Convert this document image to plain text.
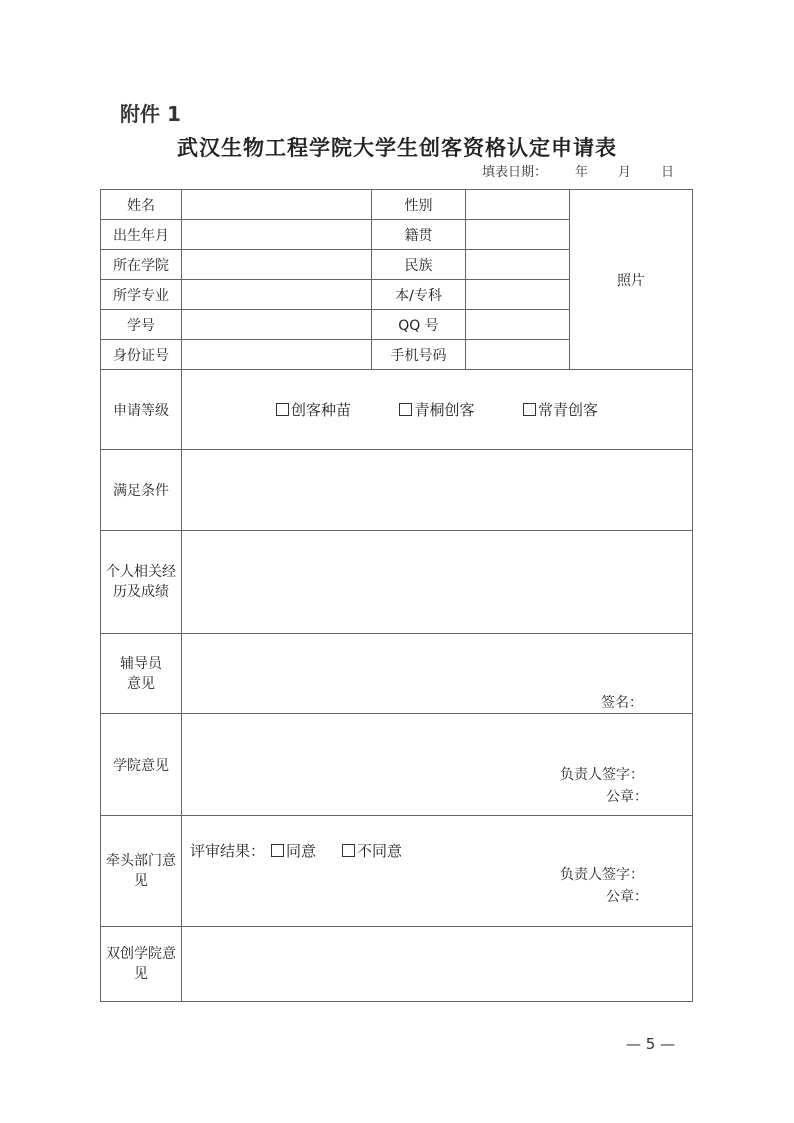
附件 1
武汉生物工程学院大学生创客资格认定申请表
填表日期： 年 月 日
姓名		性别		照片
出生年月		籍贯		
所在学院		民族		
所学专业		本/专科		
学号		QQ 号		
身份证号		手机号码		
申请等级	创客种苗 青桐创客 常青创客			
满足条件				

个人相关经历及成绩				

辅导员意见	签名：			

学院意见	负责人签字：
公章：			

牵头部门意见	评审结果： 同意 不同意
负责人签字：
公章：			

双创学院意见				

— 5 —
